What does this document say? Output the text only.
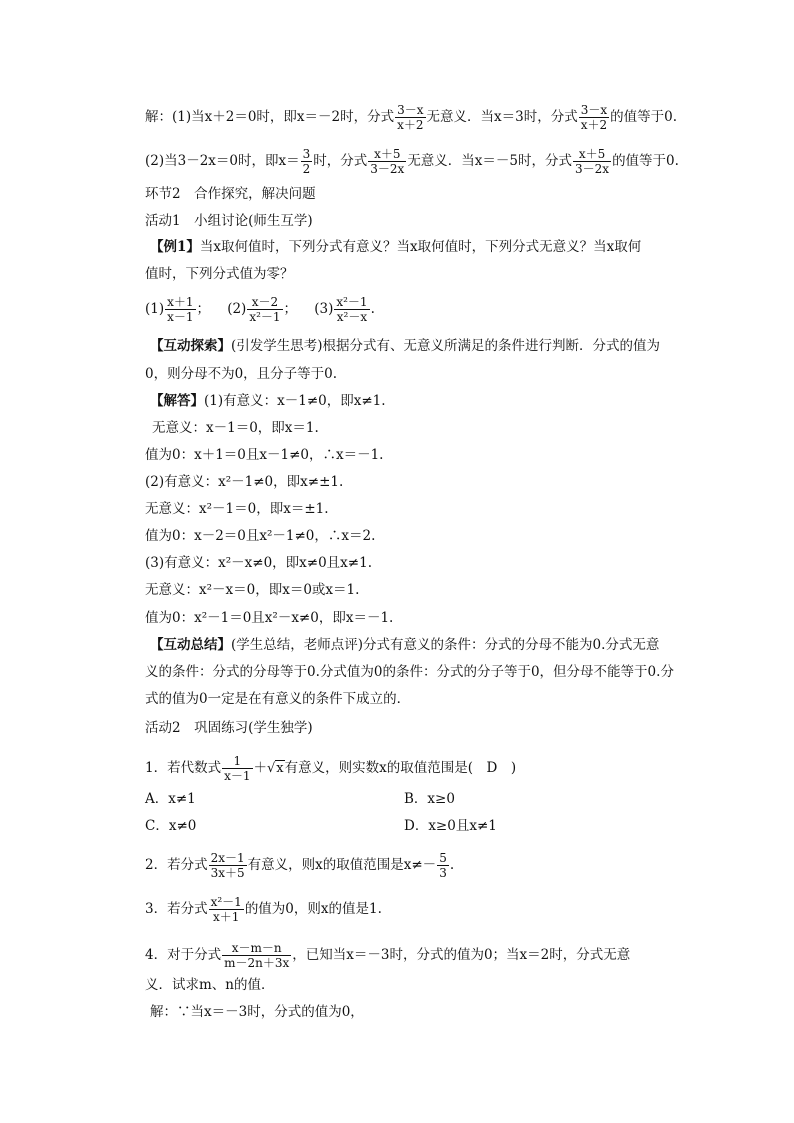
解：(1)当x＋2＝0时，即x＝－2时，分式 $\frac{3-x}{x+2}$ 无意义．当x＝3时，分式 $\frac{3-x}{x+2}$ 的值等于0.
(2)当3－2x＝0时，即$x= \frac{3}{2}$ 时，分式 $\frac{x+5}{3-2x}$ 无意义．当x＝－5时，分式 $\frac{x+5}{3-2x}$ 的值等于0.
环节2　合作探究，解决问题
活动1　小组讨论(师生互学)
【例1】当x取何值时，下列分式有意义？当x取何值时，下列分式无意义？当x取何
值时，下列分式值为零？
$(1) \frac{x+1}{x-1}$ ； $(2) \frac{x-2}{\text{x²－1}}$ ； $(3) \frac{\text{x²－1}}{\text{x²－x}}$ .
【互动探索】(引发学生思考)根据分式有、无意义所满足的条件进行判断．分式的值为
0，则分母不为0，且分子等于0.
【解答】(1)有意义：x－1≠0，即x≠1.
无意义：x－1＝0，即x＝1.
值为0：x＋1＝0且x－1≠0，∴x＝－1.
(2)有意义：x²－1≠0，即x≠±1.
无意义：x²－1＝0，即x＝±1.
值为0：x－2＝0且x²－1≠0，∴x＝2.
(3)有意义：x²－x≠0，即x≠0且x≠1.
无意义：x²－x＝0，即x＝0或x＝1.
值为0：x²－1＝0且x²－x≠0，即x＝－1.
【互动总结】(学生总结，老师点评)分式有意义的条件：分式的分母不能为0.分式无意
义的条件：分式的分母等于0.分式值为0的条件：分式的分子等于0，但分母不能等于0.分
式的值为0一定是在有意义的条件下成立的．
活动2　巩固练习(学生独学)
1．若代数式 $\frac{1}{x-1} +√x$有意义，则实数x的取值范围是(　D　)
A．x≠1	B．x≥0
C．x≠0	D．x≥0且x≠1
2．若分式 $\frac{2x-1}{3x+5}$ 有意义，则x的取值范围是$x\ne- \frac{5}{3}$ .
3．若分式 $\frac{\text{x²－1}}{x+1}$ 的值为0，则x的值是1.
4．对于分式 $\frac{x-m-n}{m-2n+3x}$ ，已知当x＝－3时，分式的值为0；当x＝2时，分式无意
义．试求m、n的值．
解：∵当x＝－3时，分式的值为0，
